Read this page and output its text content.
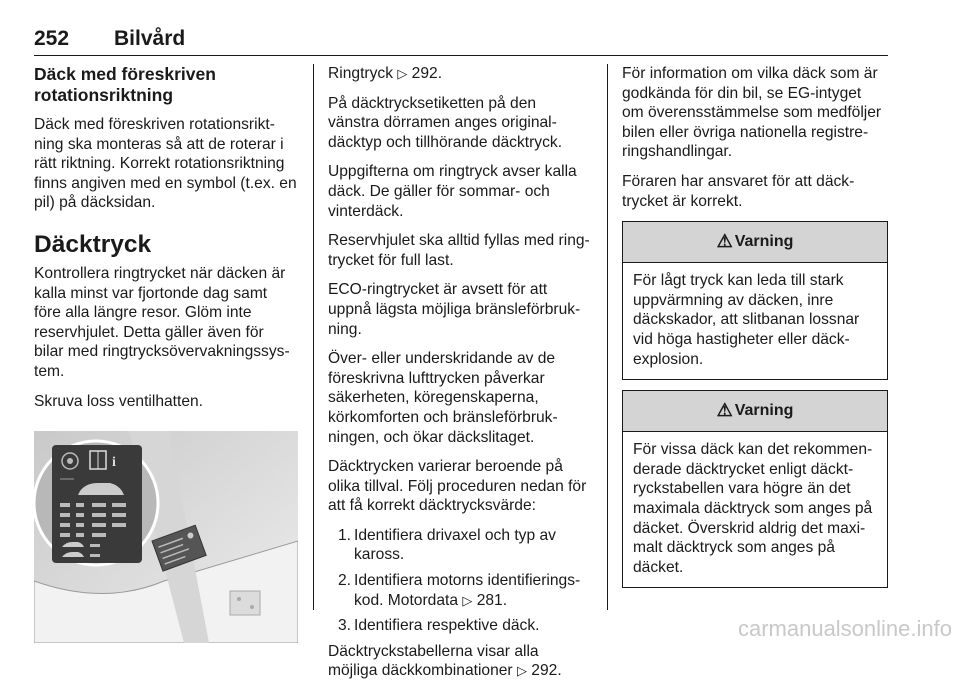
252 Bilvård
Däck med föreskriven
rotationsriktning

Däck med föreskriven rotationsrikt-
ning ska monteras så att de roterar i
rätt riktning. Korrekt rotationsriktning
finns angiven med en symbol (t.ex. en
pil) på däcksidan.

Däcktryck

Kontrollera ringtrycket när däcken är
kalla minst var fjortonde dag samt
före alla längre resor. Glöm inte
reservhjulet. Detta gäller även för
bilar med ringtrycksövervakningssys-
tem.

Skruva loss ventilhatten.

i

Ringtryck ▷ 292.

På däcktrycksetiketten på den
vänstra dörramen anges original-
däcktyp och tillhörande däcktryck.

Uppgifterna om ringtryck avser kalla
däck. De gäller för sommar- och
vinterdäck.

Reservhjulet ska alltid fyllas med ring-
trycket för full last.

ECO-ringtrycket är avsett för att
uppnå lägsta möjliga bränsleförbruk-
ning.

Över- eller underskridande av de
föreskrivna lufttrycken påverkar
säkerheten, köregenskaperna,
körkomforten och bränsleförbruk-
ningen, och ökar däckslitaget.

Däcktrycken varierar beroende på
olika tillval. Följ proceduren nedan för
att få korrekt däcktrycksvärde:

1. Identifiera drivaxel och typ av
kaross.
2. Identifiera motorns identifierings-
kod. Motordata ▷ 281.
3. Identifiera respektive däck.

Däcktryckstabellerna visar alla
möjliga däckkombinationer ▷ 292.

För information om vilka däck som är
godkända för din bil, se EG-intyget
om överensstämmelse som medföljer
bilen eller övriga nationella registre-
ringshandlingar.

Föraren har ansvaret för att däck-
trycket är korrekt.

⚠ Varning
För lågt tryck kan leda till stark
uppvärmning av däcken, inre
däckskador, att slitbanan lossnar
vid höga hastigheter eller däck-
explosion.
⚠ Varning
För vissa däck kan det rekommen-
derade däcktrycket enligt däckt-
ryckstabellen vara högre än det
maximala däcktryck som anges på
däcket. Överskrid aldrig det maxi-
malt däcktryck som anges på
däcket.
carmanualsonline.info
